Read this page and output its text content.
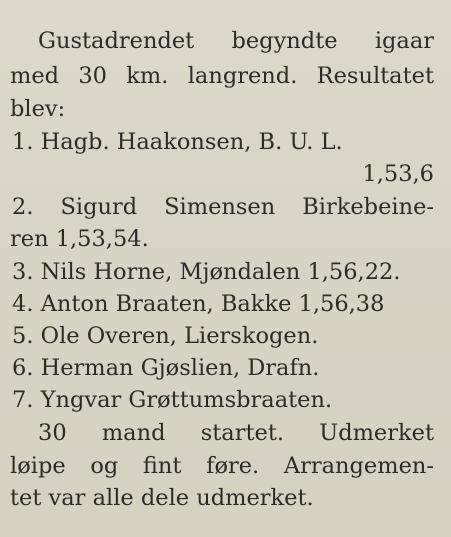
Gustadrendet begyndte igaar
med 30 km. langrend. Resultatet
blev:
1. Hagb. Haakonsen, B. U. L.
1,53,6
2. Sigurd Simensen Birkebeine-
ren 1,53,54.
3. Nils Horne, Mjøndalen 1,56,22.
4. Anton Braaten, Bakke 1,56,38
5. Ole Overen, Lierskogen.
6. Herman Gjøslien, Drafn.
7. Yngvar Grøttumsbraaten.
30 mand startet. Udmerket
løipe og fint føre. Arrangemen-
tet var alle dele udmerket.
